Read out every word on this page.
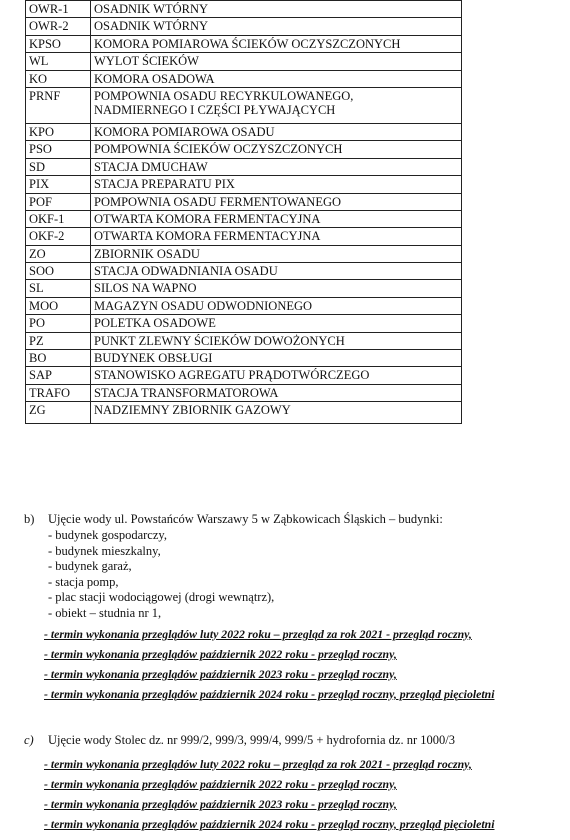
OWR-1	OSADNIK WTÓRNY
OWR-2	OSADNIK WTÓRNY
KPSO	KOMORA POMIAROWA ŚCIEKÓW OCZYSZCZONYCH
WL	WYLOT ŚCIEKÓW
KO	KOMORA OSADOWA
PRNF	POMPOWNIA OSADU RECYRKULOWANEGO,
NADMIERNEGO I CZĘŚCI PŁYWAJĄCYCH
KPO	KOMORA POMIAROWA OSADU
PSO	POMPOWNIA ŚCIEKÓW OCZYSZCZONYCH
SD	STACJA DMUCHAW
PIX	STACJA PREPARATU PIX
POF	POMPOWNIA OSADU FERMENTOWANEGO
OKF-1	OTWARTA KOMORA FERMENTACYJNA
OKF-2	OTWARTA KOMORA FERMENTACYJNA
ZO	ZBIORNIK OSADU
SOO	STACJA ODWADNIANIA OSADU
SL	SILOS NA WAPNO
MOO	MAGAZYN OSADU ODWODNIONEGO
PO	POLETKA OSADOWE
PZ	PUNKT ZLEWNY ŚCIEKÓW DOWOŻONYCH
BO	BUDYNEK OBSŁUGI
SAP	STANOWISKO AGREGATU PRĄDOTWÓRCZEGO
TRAFO	STACJA TRANSFORMATOROWA
ZG	NADZIEMNY ZBIORNIK GAZOWY
b) Ujęcie wody ul. Powstańców Warszawy 5 w Ząbkowicach Śląskich – budynki:
- budynek gospodarczy,
- budynek mieszkalny,
- budynek garaż,
- stacja pomp,
- plac stacji wodociągowej (drogi wewnątrz),
- obiekt – studnia nr 1,
- termin wykonania przeglądów luty 2022 roku – przegląd za rok 2021 - przegląd roczny,
- termin wykonania przeglądów październik 2022 roku - przegląd roczny,
- termin wykonania przeglądów październik 2023 roku - przegląd roczny,
- termin wykonania przeglądów październik 2024 roku - przegląd roczny, przegląd pięcioletni
c) Ujęcie wody Stolec dz. nr 999/2, 999/3, 999/4, 999/5 + hydrofornia dz. nr 1000/3
- termin wykonania przeglądów luty 2022 roku – przegląd za rok 2021 - przegląd roczny,
- termin wykonania przeglądów październik 2022 roku - przegląd roczny,
- termin wykonania przeglądów październik 2023 roku - przegląd roczny,
- termin wykonania przeglądów październik 2024 roku - przegląd roczny, przegląd pięcioletni
